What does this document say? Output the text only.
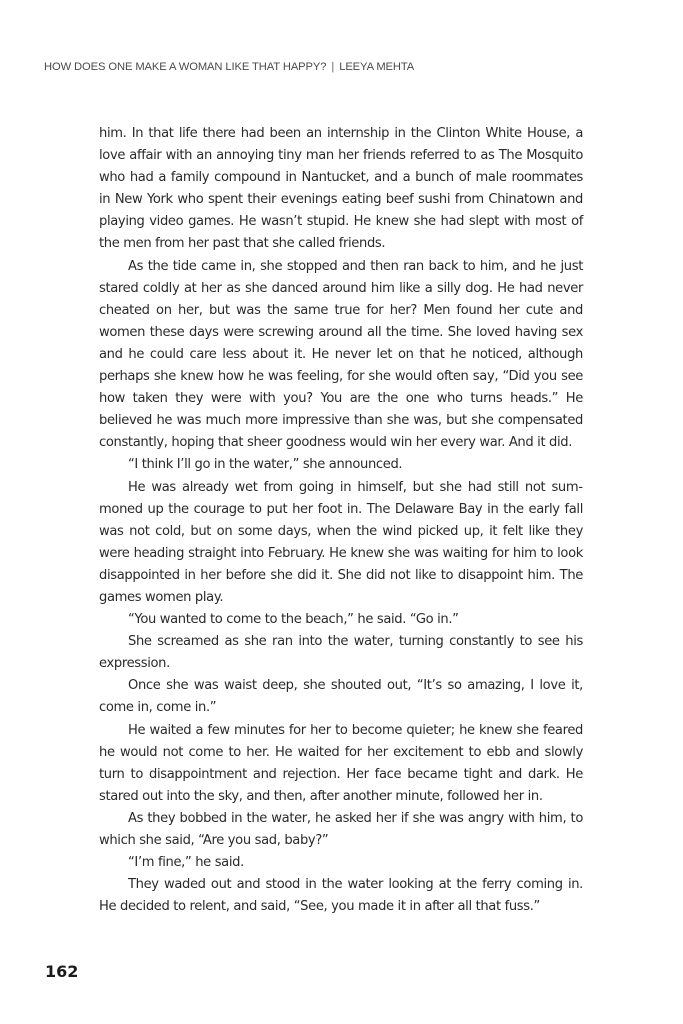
HOW DOES ONE MAKE A WOMAN LIKE THAT HAPPY? | LEEYA MEHTA

him. In that life there had been an internship in the Clinton White House, a love affair with an annoying tiny man her friends referred to as The Mosquito who had a family compound in Nantucket, and a bunch of male roommates in New York who spent their evenings eating beef sushi from Chinatown and playing video games. He wasn’t stupid. He knew she had slept with most of the men from her past that she called friends.

As the tide came in, she stopped and then ran back to him, and he just stared coldly at her as she danced around him like a silly dog. He had never cheated on her, but was the same true for her? Men found her cute and women these days were screwing around all the time. She loved having sex and he could care less about it. He never let on that he noticed, although perhaps she knew how he was feeling, for she would often say, “Did you see how taken they were with you? You are the one who turns heads.” He believed he was much more impressive than she was, but she compensated constantly, hoping that sheer goodness would win her every war. And it did.

“I think I’ll go in the water,” she announced.

He was already wet from going in himself, but she had still not summoned up the courage to put her foot in. The Delaware Bay in the early fall was not cold, but on some days, when the wind picked up, it felt like they were heading straight into February. He knew she was waiting for him to look disappointed in her before she did it. She did not like to disappoint him. The games women play.

“You wanted to come to the beach,” he said. “Go in.”

She screamed as she ran into the water, turning constantly to see his expression.

Once she was waist deep, she shouted out, “It’s so amazing, I love it, come in, come in.”

He waited a few minutes for her to become quieter; he knew she feared he would not come to her. He waited for her excitement to ebb and slowly turn to disappointment and rejection. Her face became tight and dark. He stared out into the sky, and then, after another minute, followed her in.

As they bobbed in the water, he asked her if she was angry with him, to which she said, “Are you sad, baby?”

“I’m fine,” he said.

They waded out and stood in the water looking at the ferry coming in. He decided to relent, and said, “See, you made it in after all that fuss.”

162
